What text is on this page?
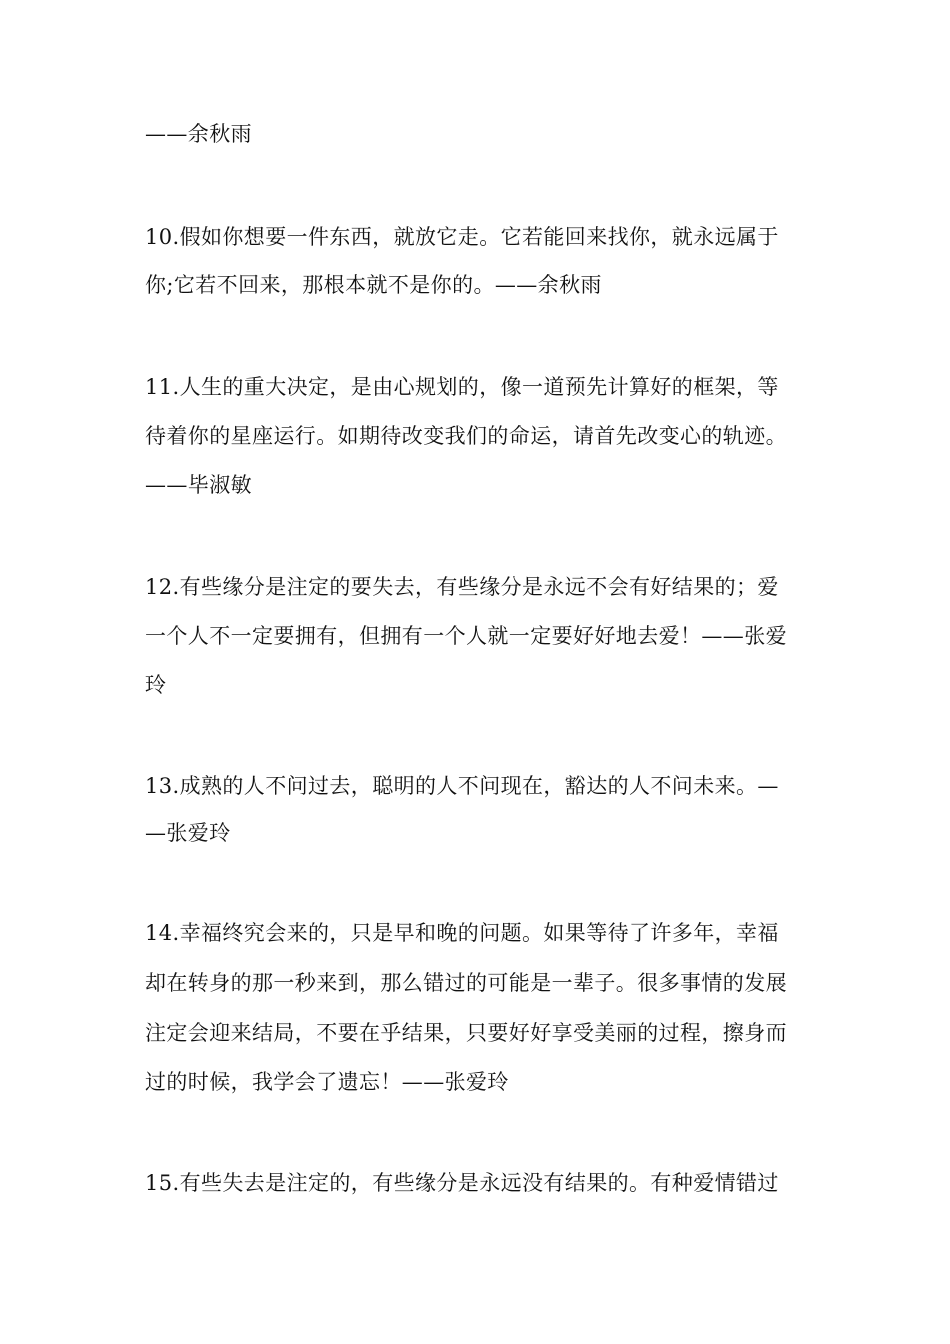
——余秋雨
10.假如你想要一件东西，就放它走。它若能回来找你，就永远属于
你;它若不回来，那根本就不是你的。——余秋雨
11.人生的重大决定，是由心规划的，像一道预先计算好的框架，等
待着你的星座运行。如期待改变我们的命运，请首先改变心的轨迹。
——毕淑敏
12.有些缘分是注定的要失去，有些缘分是永远不会有好结果的；爱
一个人不一定要拥有，但拥有一个人就一定要好好地去爱！——张爱
玲
13.成熟的人不问过去，聪明的人不问现在，豁达的人不问未来。—
—张爱玲
14.幸福终究会来的，只是早和晚的问题。如果等待了许多年，幸福
却在转身的那一秒来到，那么错过的可能是一辈子。很多事情的发展
注定会迎来结局，不要在乎结果，只要好好享受美丽的过程，擦身而
过的时候，我学会了遗忘！——张爱玲
15.有些失去是注定的，有些缘分是永远没有结果的。有种爱情错过
